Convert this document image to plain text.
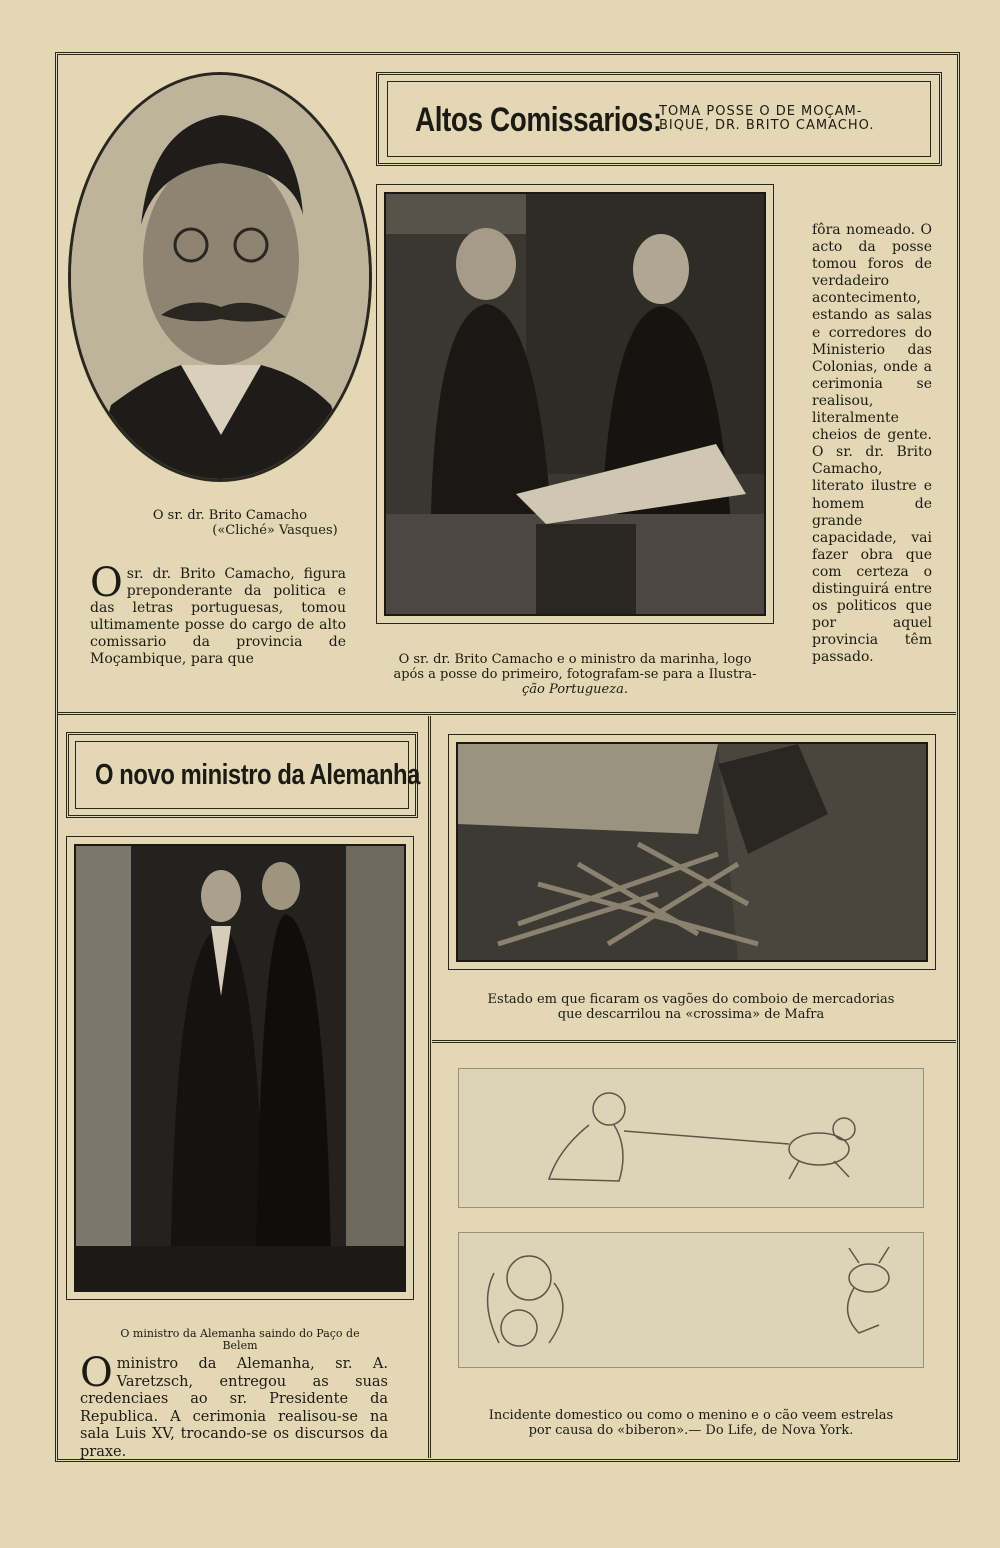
O sr. dr. Brito Camacho
(«Cliché» Vasques)
Osr. dr. Brito Camacho, figura preponderante da politica e das letras portuguesas, tomou ultimamente posse do cargo de alto comissario da provincia de Moçambique, para que
Altos Comissarios:
TOMA POSSE O DE MOÇAM-
BIQUE, DR. BRITO CAMACHO.
O sr. dr. Brito Camacho e o ministro da marinha, logo
após a posse do primeiro, fotografam-se para a Ilustra-
ção Portugueza.
fôra nomeado. O acto da posse tomou foros de verdadeiro acontecimento, estando as salas e corredores do Ministerio das Colonias, onde a cerimonia se realisou, literalmente cheios de gente. O sr. dr. Brito Camacho, literato ilustre e homem de grande capacidade, vai fazer obra que com certeza o distinguirá entre os politicos que por aquel provincia têm passado.
O novo ministro da Alemanha
O ministro da Alemanha saindo do Paço de
Belem
Oministro da Alemanha, sr. A. Varetzsch, entregou as suas credenciaes ao sr. Presidente da Republica. A cerimonia realisou-se na sala Luis XV, trocando-se os discursos da praxe.
Estado em que ficaram os vagões do comboio de mercadorias
que descarrilou na «crossima» de Mafra
Incidente domestico ou como o menino e o cão veem estrelas
por causa do «biberon».— Do Life, de Nova York.
